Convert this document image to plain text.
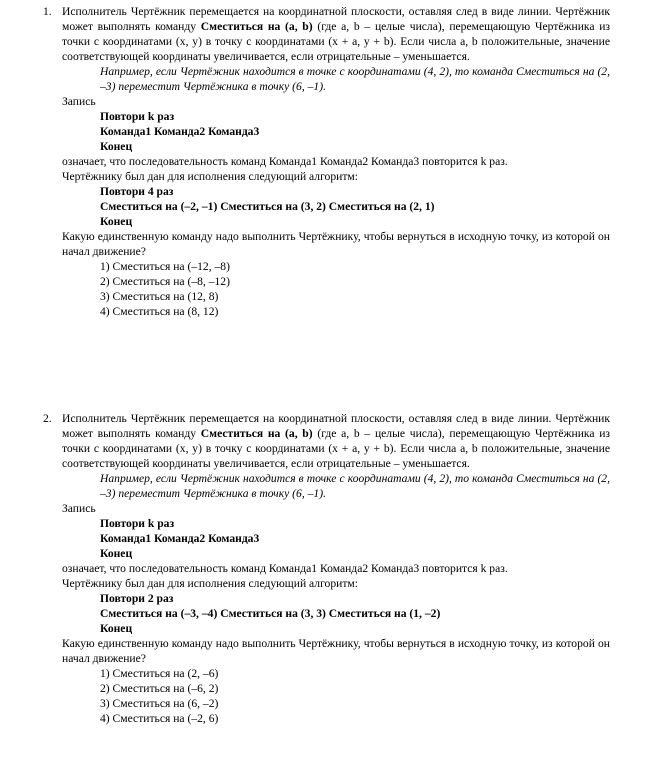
1. Исполнитель Чертёжник перемещается на координатной плоскости, оставляя след в виде линии. Чертёжник может выполнять команду Сместиться на (a, b) (где a, b – целые числа), перемещающую Чертёжника из точки с координатами (x, y) в точку с координатами (x + a, y + b). Если числа a, b положительные, значение соответствующей координаты увеличивается, если отрицательные – уменьшается.

Например, если Чертёжник находится в точке с координатами (4, 2), то команда Сместиться на (2, –3) переместит Чертёжника в точку (6, –1).

Запись

Повтори k раз

Команда1 Команда2 Команда3

Конец

означает, что последовательность команд Команда1 Команда2 Команда3 повторится k раз.

Чертёжнику был дан для исполнения следующий алгоритм:

Повтори 4 раз

Сместиться на (–2, –1) Сместиться на (3, 2) Сместиться на (2, 1)

Конец

Какую единственную команду надо выполнить Чертёжнику, чтобы вернуться в исходную точку, из которой он начал движение?

1) Сместиться на (–12, –8)

2) Сместиться на (–8, –12)

3) Сместиться на (12, 8)

4) Сместиться на (8, 12)

2. Исполнитель Чертёжник перемещается на координатной плоскости, оставляя след в виде линии. Чертёжник может выполнять команду Сместиться на (a, b) (где a, b – целые числа), перемещающую Чертёжника из точки с координатами (x, y) в точку с координатами (x + a, y + b). Если числа a, b положительные, значение соответствующей координаты увеличивается, если отрицательные – уменьшается.

Например, если Чертёжник находится в точке с координатами (4, 2), то команда Сместиться на (2, –3) переместит Чертёжника в точку (6, –1).

Запись

Повтори k раз

Команда1 Команда2 Команда3

Конец

означает, что последовательность команд Команда1 Команда2 Команда3 повторится k раз.

Чертёжнику был дан для исполнения следующий алгоритм:

Повтори 2 раз

Сместиться на (–3, –4) Сместиться на (3, 3) Сместиться на (1, –2)

Конец

Какую единственную команду надо выполнить Чертёжнику, чтобы вернуться в исходную точку, из которой он начал движение?

1) Сместиться на (2, –6)

2) Сместиться на (–6, 2)

3) Сместиться на (6, –2)

4) Сместиться на (–2, 6)
